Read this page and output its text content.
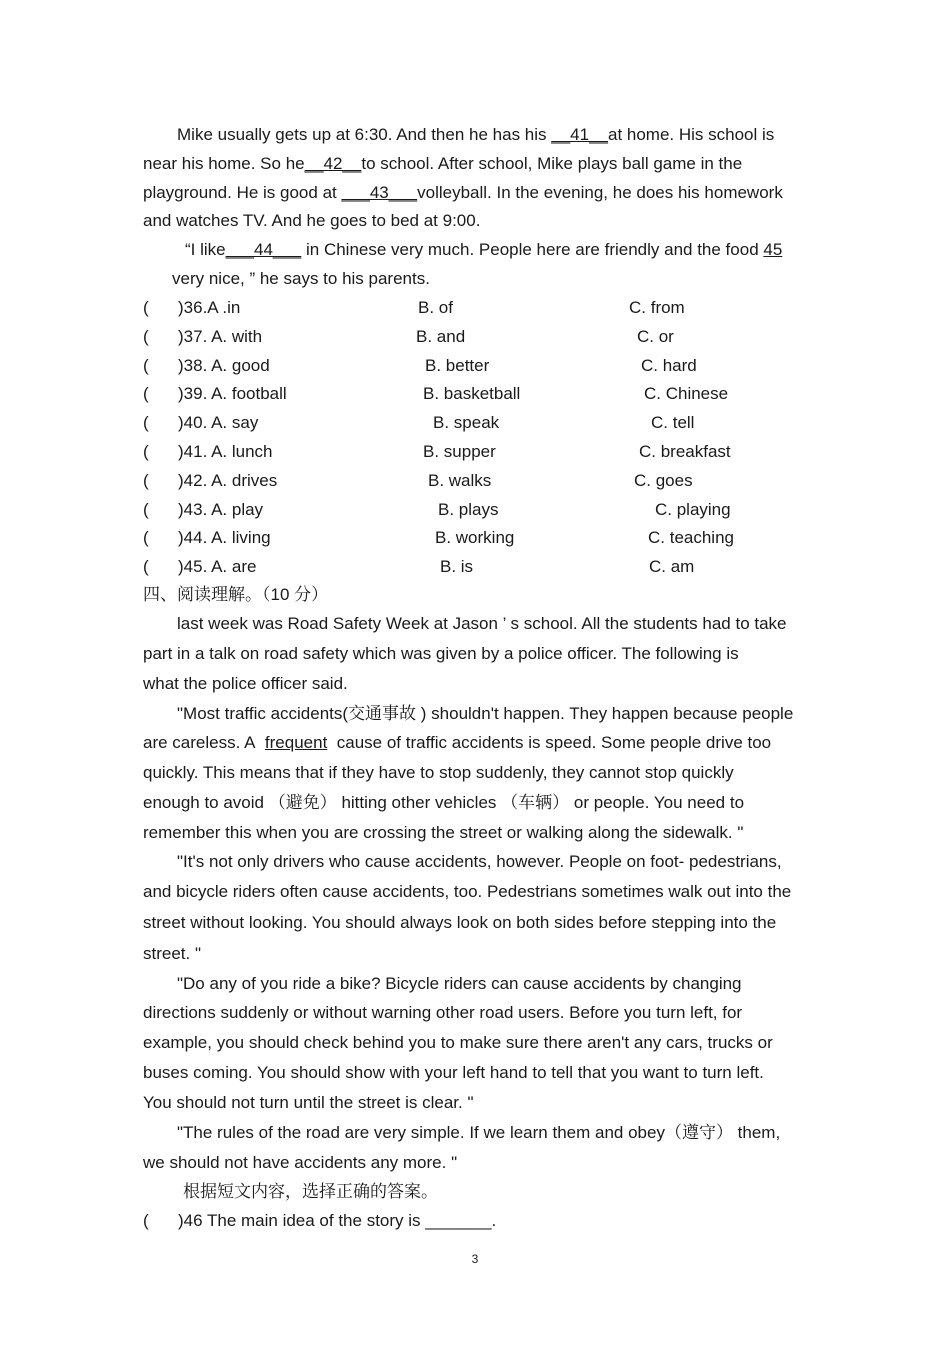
Mike usually gets up at 6:30. And then he has his __41__at home. His school is
near his home. So he__42__to school. After school, Mike plays ball game in the
playground. He is good at ___43___volleyball. In the evening, he does his homework
and watches TV. And he goes to bed at 9:00.
“I like___44___ in Chinese very much. People here are friendly and the food 45
very nice, ” he says to his parents.
( )36.A .in	B. of	C. from
( )37. A. with	B. and	C. or
( )38. A. good	B. better	C. hard
( )39. A. football	B. basketball	C. Chinese
( )40. A. say	B. speak	C. tell
( )41. A. lunch	B. supper	C. breakfast
( )42. A. drives	B. walks	C. goes
( )43. A. play	B. plays	C. playing
( )44. A. living	B. working	C. teaching
( )45. A. are	B. is	C. am
四、阅读理解。（10 分）
last week was Road Safety Week at Jason ’ s school. All the students had to take
part in a talk on road safety which was given by a police officer. The following is
what the police officer said.
"Most traffic accidents(交通事故 ) shouldn't happen. They happen because people
are careless. A frequent cause of traffic accidents is speed. Some people drive too
quickly. This means that if they have to stop suddenly, they cannot stop quickly
enough to avoid （避免） hitting other vehicles （车辆） or people. You need to
remember this when you are crossing the street or walking along the sidewalk. "
"It's not only drivers who cause accidents, however. People on foot- pedestrians,
and bicycle riders often cause accidents, too. Pedestrians sometimes walk out into the
street without looking. You should always look on both sides before stepping into the
street. "
"Do any of you ride a bike? Bicycle riders can cause accidents by changing
directions suddenly or without warning other road users. Before you turn left, for
example, you should check behind you to make sure there aren't any cars, trucks or
buses coming. You should show with your left hand to tell that you want to turn left.
You should not turn until the street is clear. "
"The rules of the road are very simple. If we learn them and obey（遵守） them,
we should not have accidents any more. "
根据短文内容，选择正确的答案。
( )46 The main idea of the story is _______.
3
